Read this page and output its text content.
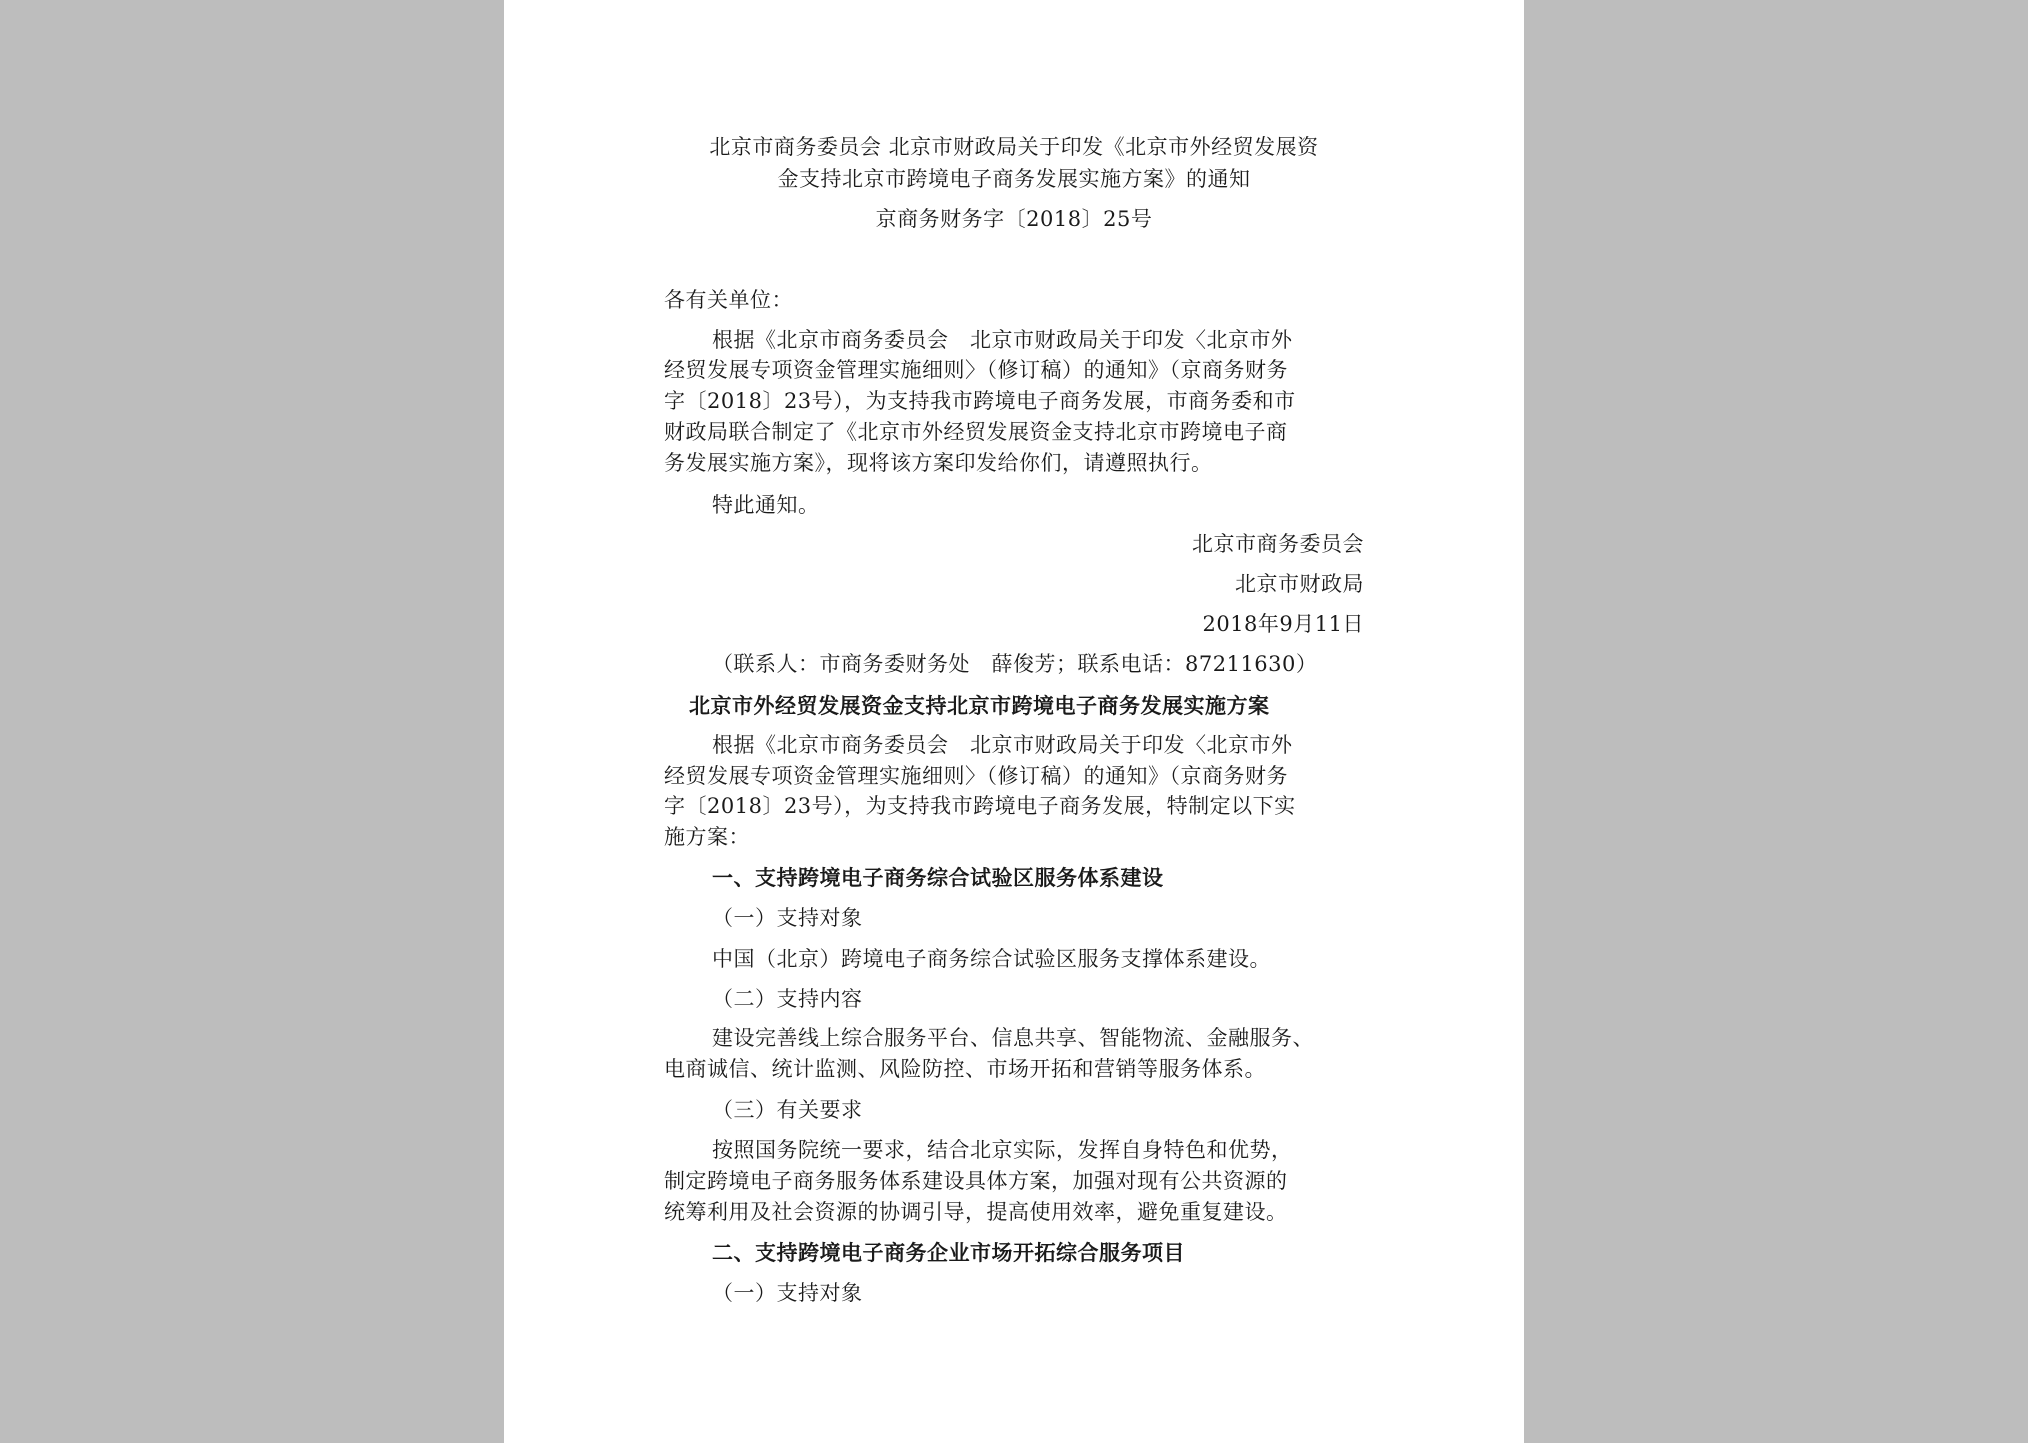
北京市商务委员会 北京市财政局关于印发《北京市外经贸发展资
金支持北京市跨境电子商务发展实施方案》的通知
京商务财务字〔2018〕25号
各有关单位：
根据《北京市商务委员会　北京市财政局关于印发〈北京市外
经贸发展专项资金管理实施细则〉（修订稿）的通知》（京商务财务
字〔2018〕23号），为支持我市跨境电子商务发展，市商务委和市
财政局联合制定了《北京市外经贸发展资金支持北京市跨境电子商
务发展实施方案》，现将该方案印发给你们，请遵照执行。
特此通知。
北京市商务委员会
北京市财政局
2018年9月11日
（联系人：市商务委财务处　薛俊芳；联系电话：87211630）
北京市外经贸发展资金支持北京市跨境电子商务发展实施方案
根据《北京市商务委员会　北京市财政局关于印发〈北京市外
经贸发展专项资金管理实施细则〉（修订稿）的通知》（京商务财务
字〔2018〕23号），为支持我市跨境电子商务发展，特制定以下实
施方案：
一、支持跨境电子商务综合试验区服务体系建设
（一）支持对象
中国（北京）跨境电子商务综合试验区服务支撑体系建设。
（二）支持内容
建设完善线上综合服务平台、信息共享、智能物流、金融服务、
电商诚信、统计监测、风险防控、市场开拓和营销等服务体系。
（三）有关要求
按照国务院统一要求，结合北京实际，发挥自身特色和优势，
制定跨境电子商务服务体系建设具体方案，加强对现有公共资源的
统筹利用及社会资源的协调引导，提高使用效率，避免重复建设。
二、支持跨境电子商务企业市场开拓综合服务项目
（一）支持对象
